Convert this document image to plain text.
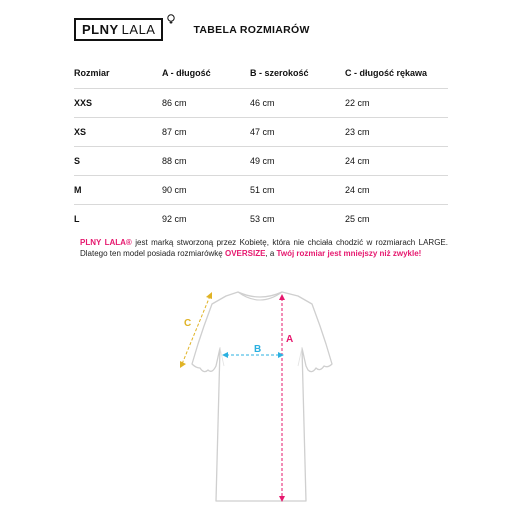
PLNY LALA	TABELA ROZMIARÓW
Rozmiar	A - długość	B - szerokość	C - długość rękawa
XXS	86 cm	46 cm	22 cm
XS	87 cm	47 cm	23 cm
S	88 cm	49 cm	24 cm
M	90 cm	51 cm	24 cm
L	92 cm	53 cm	25 cm
PLNY LALA® jest marką stworzoną przez Kobietę, która nie chciała chodzić w rozmiarach LARGE. Dlatego ten model posiada rozmiarówkę OVERSIZE, a Twój rozmiar jest mniejszy niż zwykle!
A
B
C
